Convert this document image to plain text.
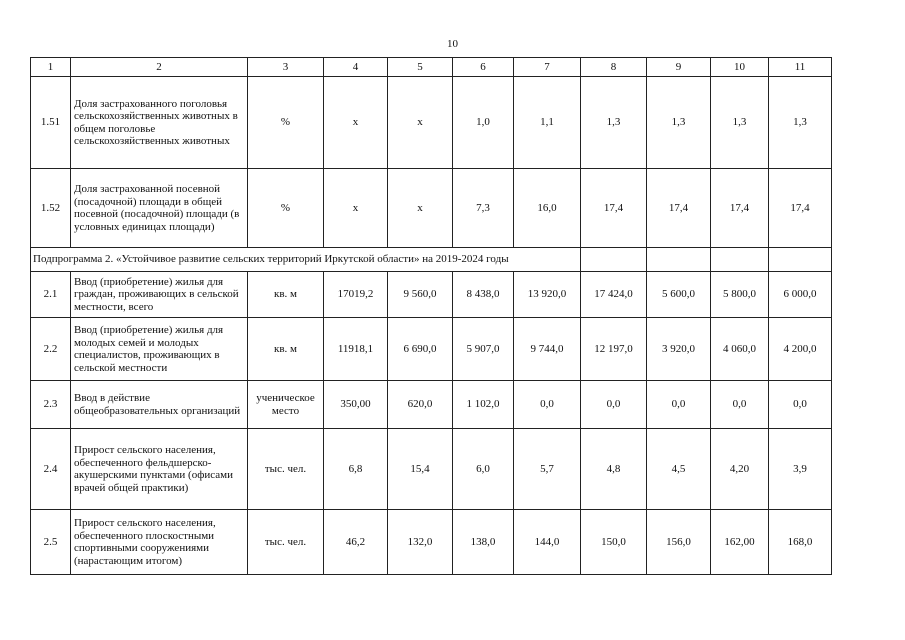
10
1	2	3	4	5	6	7	8	9	10	11
1.51	Доля застрахованного поголовья сельскохозяйственных животных в общем поголовье сельскохозяйственных животных	%	х	х	1,0	1,1	1,3	1,3	1,3	1,3
1.52	Доля застрахованной посевной (посадочной) площади в общей посевной (посадочной) площади (в условных единицах площади)	%	х	х	7,3	16,0	17,4	17,4	17,4	17,4
Подпрограмма 2. «Устойчивое развитие сельских территорий Иркутской области» на 2019-2024 годы										
2.1	Ввод (приобретение) жилья для граждан, проживающих в сельской местности, всего	кв. м	17019,2	9 560,0	8 438,0	13 920,0	17 424,0	5 600,0	5 800,0	6 000,0
2.2	Ввод (приобретение) жилья для молодых семей и молодых специалистов, проживающих в сельской местности	кв. м	11918,1	6 690,0	5 907,0	9 744,0	12 197,0	3 920,0	4 060,0	4 200,0
2.3	Ввод в действие общеобразовательных организаций	ученическое место	350,00	620,0	1 102,0	0,0	0,0	0,0	0,0	0,0
2.4	Прирост сельского населения, обеспеченного фельдшерско-акушерскими пунктами (офисами врачей общей практики)	тыс. чел.	6,8	15,4	6,0	5,7	4,8	4,5	4,20	3,9
2.5	Прирост сельского населения, обеспеченного плоскостными спортивными сооружениями (нарастающим итогом)	тыс. чел.	46,2	132,0	138,0	144,0	150,0	156,0	162,00	168,0
